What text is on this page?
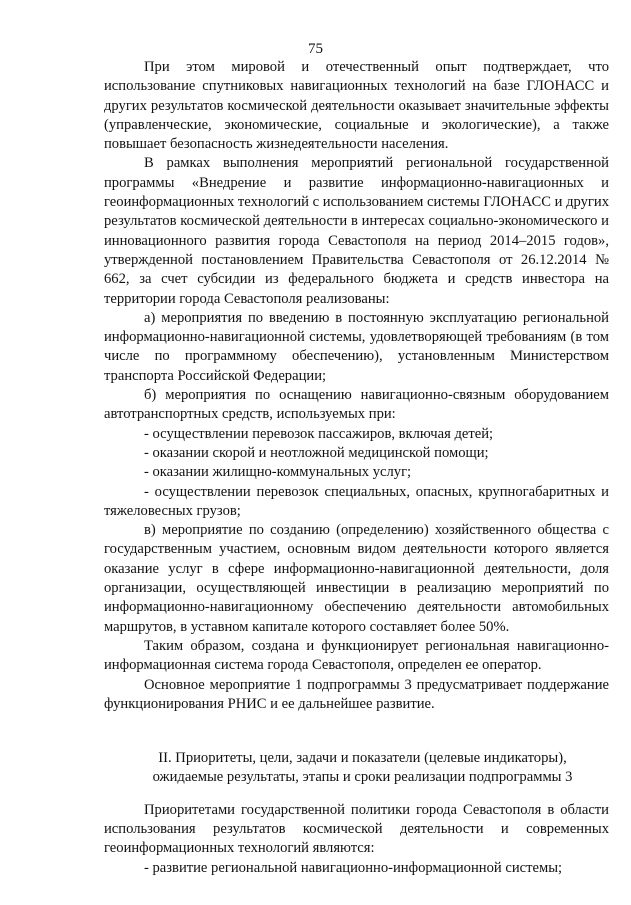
75

При этом мировой и отечественный опыт подтверждает, что использование спутниковых навигационных технологий на базе ГЛОНАСС и других результатов космической деятельности оказывает значительные эффекты (управленческие, экономические, социальные и экологические), а также повышает безопасность жизнедеятельности населения.

В рамках выполнения мероприятий региональной государственной программы «Внедрение и развитие информационно-навигационных и геоинформационных технологий с использованием системы ГЛОНАСС и других результатов космической деятельности в интересах социально-экономического и инновационного развития города Севастополя на период 2014–2015 годов», утвержденной постановлением Правительства Севастополя от 26.12.2014 № 662, за счет субсидии из федерального бюджета и средств инвестора на территории города Севастополя реализованы:

а) мероприятия по введению в постоянную эксплуатацию региональной информационно-навигационной системы, удовлетворяющей требованиям (в том числе по программному обеспечению), установленным Министерством транспорта Российской Федерации;

б) мероприятия по оснащению навигационно-связным оборудованием автотранспортных средств, используемых при:

- осуществлении перевозок пассажиров, включая детей;

- оказании скорой и неотложной медицинской помощи;

- оказании жилищно-коммунальных услуг;

- осуществлении перевозок специальных, опасных, крупногабаритных и тяжеловесных грузов;

в) мероприятие по созданию (определению) хозяйственного общества с государственным участием, основным видом деятельности которого является оказание услуг в сфере информационно-навигационной деятельности, доля организации, осуществляющей инвестиции в реализацию мероприятий по информационно-навигационному обеспечению деятельности автомобильных маршрутов, в уставном капитале которого составляет более 50%.

Таким образом, создана и функционирует региональная навигационно-информационная система города Севастополя, определен ее оператор.

Основное мероприятие 1 подпрограммы 3 предусматривает поддержание функционирования РНИС и ее дальнейшее развитие.

II. Приоритеты, цели, задачи и показатели (целевые индикаторы),
ожидаемые результаты, этапы и сроки реализации подпрограммы 3

Приоритетами государственной политики города Севастополя в области использования результатов космической деятельности и современных геоинформационных технологий являются:

- развитие региональной навигационно-информационной системы;
